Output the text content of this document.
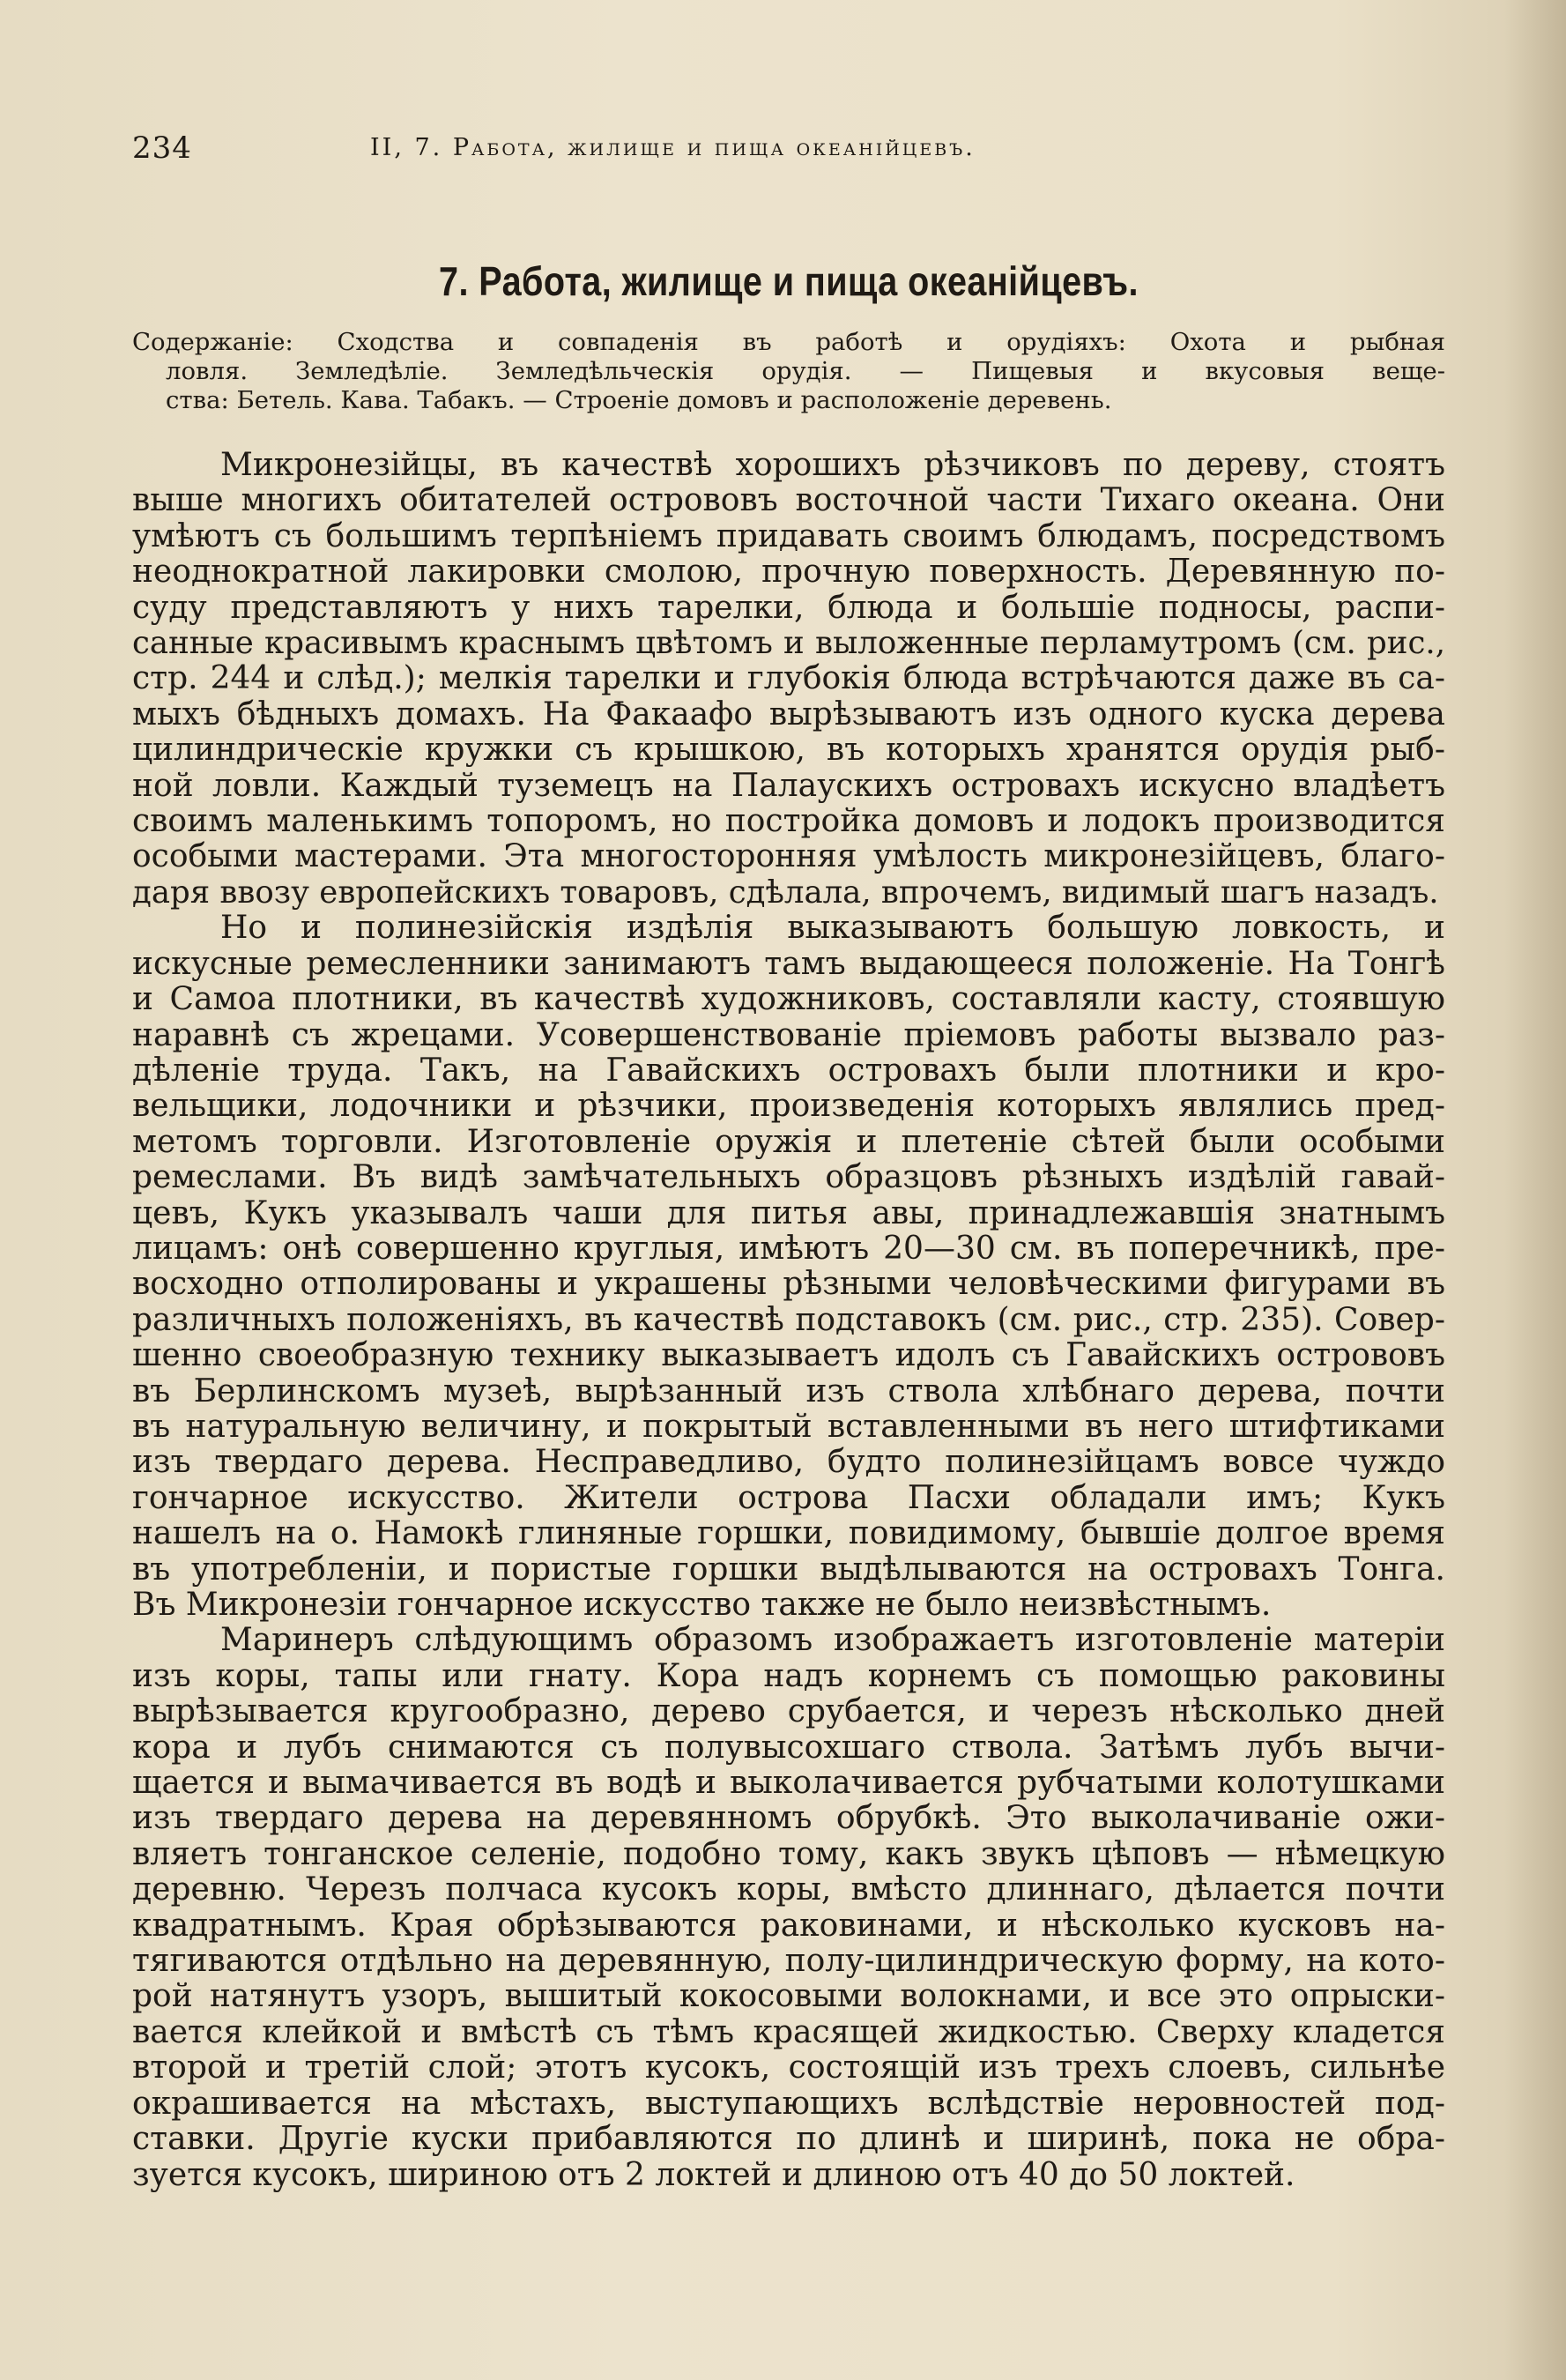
234	II, 7. Работа, жилище и пища океанійцевъ.
7. Работа, жилище и пища океанійцевъ.
Содержаніе: Сходства и совпаденія въ работѣ и орудіяхъ: Охота и рыбная
ловля. Земледѣліе. Земледѣльческія орудія. — Пищевыя и вкусовыя веще-
ства: Бетель. Кава. Табакъ. — Строеніе домовъ и расположеніе деревень.
Микронезійцы, въ качествѣ хорошихъ рѣзчиковъ по дереву, стоятъ
выше многихъ обитателей острововъ восточной части Тихаго океана. Они
умѣютъ съ большимъ терпѣніемъ придавать своимъ блюдамъ, посредствомъ
неоднократной лакировки смолою, прочную поверхность. Деревянную по-
суду представляютъ у нихъ тарелки, блюда и большіе подносы, распи-
санные красивымъ краснымъ цвѣтомъ и выложенные перламутромъ (см. рис.,
стр. 244 и слѣд.); мелкія тарелки и глубокія блюда встрѣчаются даже въ са-
мыхъ бѣдныхъ домахъ. На Факаафо вырѣзываютъ изъ одного куска дерева
цилиндрическіе кружки съ крышкою, въ которыхъ хранятся орудія рыб-
ной ловли. Каждый туземецъ на Палаускихъ островахъ искусно владѣетъ
своимъ маленькимъ топоромъ, но постройка домовъ и лодокъ производится
особыми мастерами. Эта многосторонняя умѣлость микронезійцевъ, благо-
даря ввозу европейскихъ товаровъ, сдѣлала, впрочемъ, видимый шагъ назадъ.
Но и полинезійскія издѣлія выказываютъ большую ловкость, и
искусные ремесленники занимаютъ тамъ выдающееся положеніе. На Тонгѣ
и Самоа плотники, въ качествѣ художниковъ, составляли касту, стоявшую
наравнѣ съ жрецами. Усовершенствованіе пріемовъ работы вызвало раз-
дѣленіе труда. Такъ, на Гавайскихъ островахъ были плотники и кро-
вельщики, лодочники и рѣзчики, произведенія которыхъ являлись пред-
метомъ торговли. Изготовленіе оружія и плетеніе сѣтей были особыми
ремеслами. Въ видѣ замѣчательныхъ образцовъ рѣзныхъ издѣлій гавай-
цевъ, Кукъ указывалъ чаши для питья авы, принадлежавшія знатнымъ
лицамъ: онѣ совершенно круглыя, имѣютъ 20—30 см. въ поперечникѣ, пре-
восходно отполированы и украшены рѣзными человѣческими фигурами въ
различныхъ положеніяхъ, въ качествѣ подставокъ (см. рис., стр. 235). Совер-
шенно своеобразную технику выказываетъ идолъ съ Гавайскихъ острововъ
въ Берлинскомъ музеѣ, вырѣзанный изъ ствола хлѣбнаго дерева, почти
въ натуральную величину, и покрытый вставленными въ него штифтиками
изъ твердаго дерева. Несправедливо, будто полинезійцамъ вовсе чуждо
гончарное искусство. Жители острова Пасхи обладали имъ; Кукъ
нашелъ на о. Намокѣ глиняные горшки, повидимому, бывшіе долгое время
въ употребленіи, и пористые горшки выдѣлываются на островахъ Тонга.
Въ Микронезіи гончарное искусство также не было неизвѣстнымъ.
Маринеръ слѣдующимъ образомъ изображаетъ изготовленіе матеріи
изъ коры, тапы или гнату. Кора надъ корнемъ съ помощью раковины
вырѣзывается кругообразно, дерево срубается, и черезъ нѣсколько дней
кора и лубъ снимаются съ полувысохшаго ствола. Затѣмъ лубъ вычи-
щается и вымачивается въ водѣ и выколачивается рубчатыми колотушками
изъ твердаго дерева на деревянномъ обрубкѣ. Это выколачиваніе ожи-
вляетъ тонганское селеніе, подобно тому, какъ звукъ цѣповъ — нѣмецкую
деревню. Черезъ полчаса кусокъ коры, вмѣсто длиннаго, дѣлается почти
квадратнымъ. Края обрѣзываются раковинами, и нѣсколько кусковъ на-
тягиваются отдѣльно на деревянную, полу-цилиндрическую форму, на кото-
рой натянутъ узоръ, вышитый кокосовыми волокнами, и все это опрыски-
вается клейкой и вмѣстѣ съ тѣмъ красящей жидкостью. Сверху кладется
второй и третій слой; этотъ кусокъ, состоящій изъ трехъ слоевъ, сильнѣе
окрашивается на мѣстахъ, выступающихъ вслѣдствіе неровностей под-
ставки. Другіе куски прибавляются по длинѣ и ширинѣ, пока не обра-
зуется кусокъ, шириною отъ 2 локтей и длиною отъ 40 до 50 локтей.
